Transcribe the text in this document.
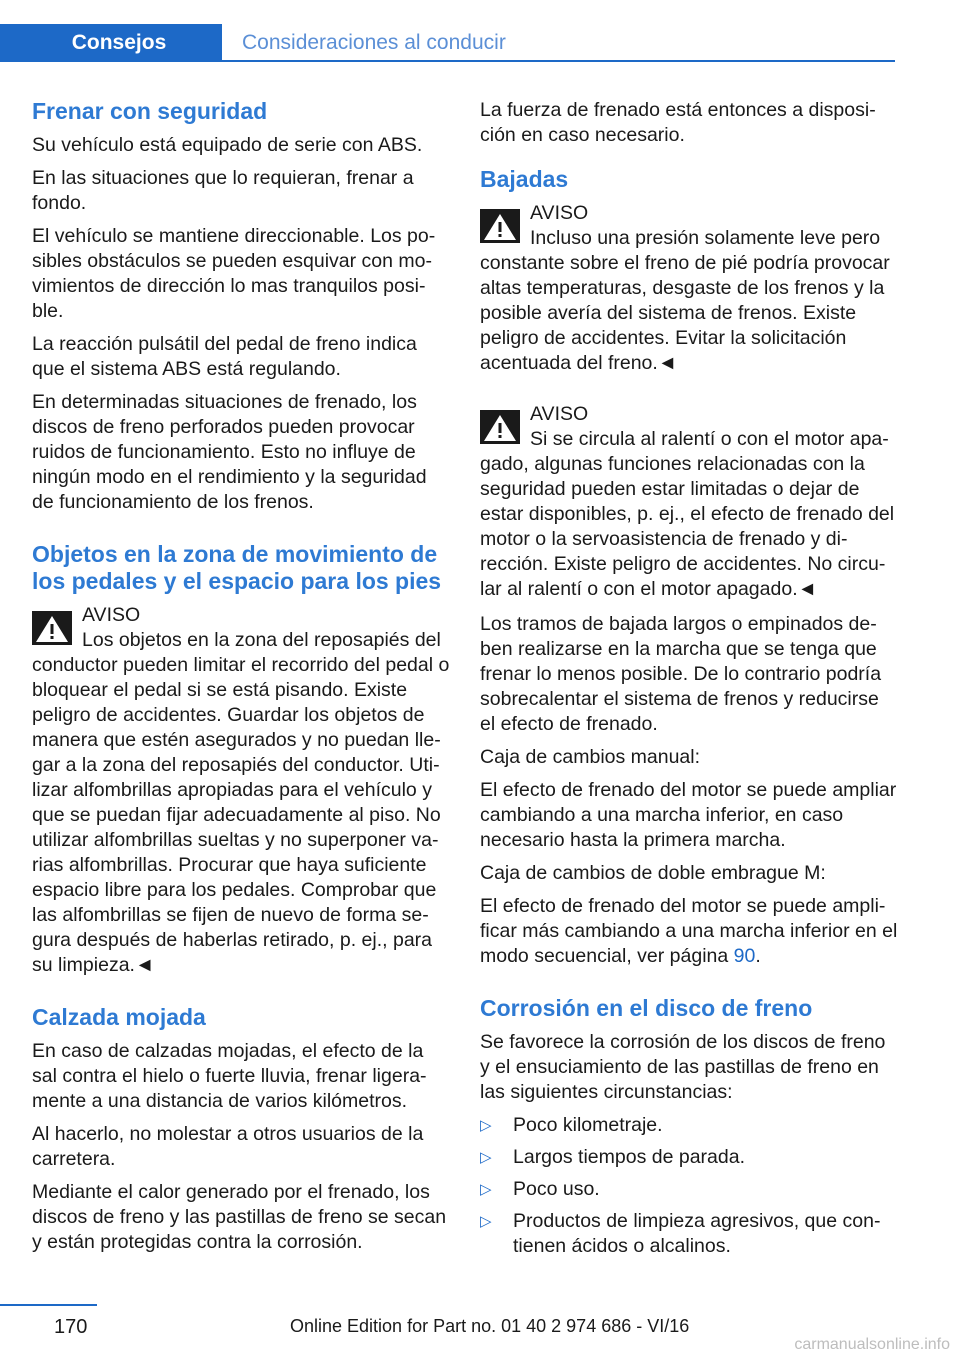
Consejos	Consideraciones al conducir
Frenar con seguridad

Su vehículo está equipado de serie con ABS.

En las situaciones que lo requieran, frenar a fondo.

El vehículo se mantiene direccionable. Los posibles obstáculos se pueden esquivar con movimientos de dirección lo mas tranquilos posible.

La reacción pulsátil del pedal de freno indica que el sistema ABS está regulando.

En determinadas situaciones de frenado, los discos de freno perforados pueden provocar ruidos de funcionamiento. Esto no influye de ningún modo en el rendimiento y la seguridad de funcionamiento de los frenos.

Objetos en la zona de movimiento de los pedales y el espacio para los pies
AVISO
Los objetos en la zona del reposapiés del conductor pueden limitar el recorrido del pedal o bloquear el pedal si se está pisando. Existe peligro de accidentes. Guardar los objetos de manera que estén asegurados y no puedan llegar a la zona del reposapiés del conductor. Utilizar alfombrillas apropiadas para el vehículo y que se puedan fijar adecuadamente al piso. No utilizar alfombrillas sueltas y no superponer varias alfombrillas. Procurar que haya suficiente espacio libre para los pedales. Comprobar que las alfombrillas se fijen de nuevo de forma segura después de haberlas retirado, p. ej., para su limpieza.◄
Calzada mojada

En caso de calzadas mojadas, el efecto de la sal contra el hielo o fuerte lluvia, frenar ligeramente a una distancia de varios kilómetros.

Al hacerlo, no molestar a otros usuarios de la carretera.

Mediante el calor generado por el frenado, los discos de freno y las pastillas de freno se secan y están protegidas contra la corrosión.

La fuerza de frenado está entonces a disposición en caso necesario.

Bajadas
AVISO
Incluso una presión solamente leve pero constante sobre el freno de pié podría provocar altas temperaturas, desgaste de los frenos y la posible avería del sistema de frenos. Existe peligro de accidentes. Evitar la solicitación acentuada del freno.◄
AVISO
Si se circula al ralentí o con el motor apagado, algunas funciones relacionadas con la seguridad pueden estar limitadas o dejar de estar disponibles, p. ej., el efecto de frenado del motor o la servoasistencia de frenado y dirección. Existe peligro de accidentes. No circular al ralentí o con el motor apagado.◄

Los tramos de bajada largos o empinados deben realizarse en la marcha que se tenga que frenar lo menos posible. De lo contrario podría sobrecalentar el sistema de frenos y reducirse el efecto de frenado.

Caja de cambios manual:

El efecto de frenado del motor se puede ampliar cambiando a una marcha inferior, en caso necesario hasta la primera marcha.

Caja de cambios de doble embrague M:

El efecto de frenado del motor se puede amplificar más cambiando a una marcha inferior en el modo secuencial, ver página 90.

Corrosión en el disco de freno

Se favorece la corrosión de los discos de freno y el ensuciamiento de las pastillas de freno en las siguientes circunstancias:

▷ Poco kilometraje.
▷ Largos tiempos de parada.
▷ Poco uso.
▷ Productos de limpieza agresivos, que contienen ácidos o alcalinos.
170	Online Edition for Part no. 01 40 2 974 686 - VI/16
carmanualsonline.info
